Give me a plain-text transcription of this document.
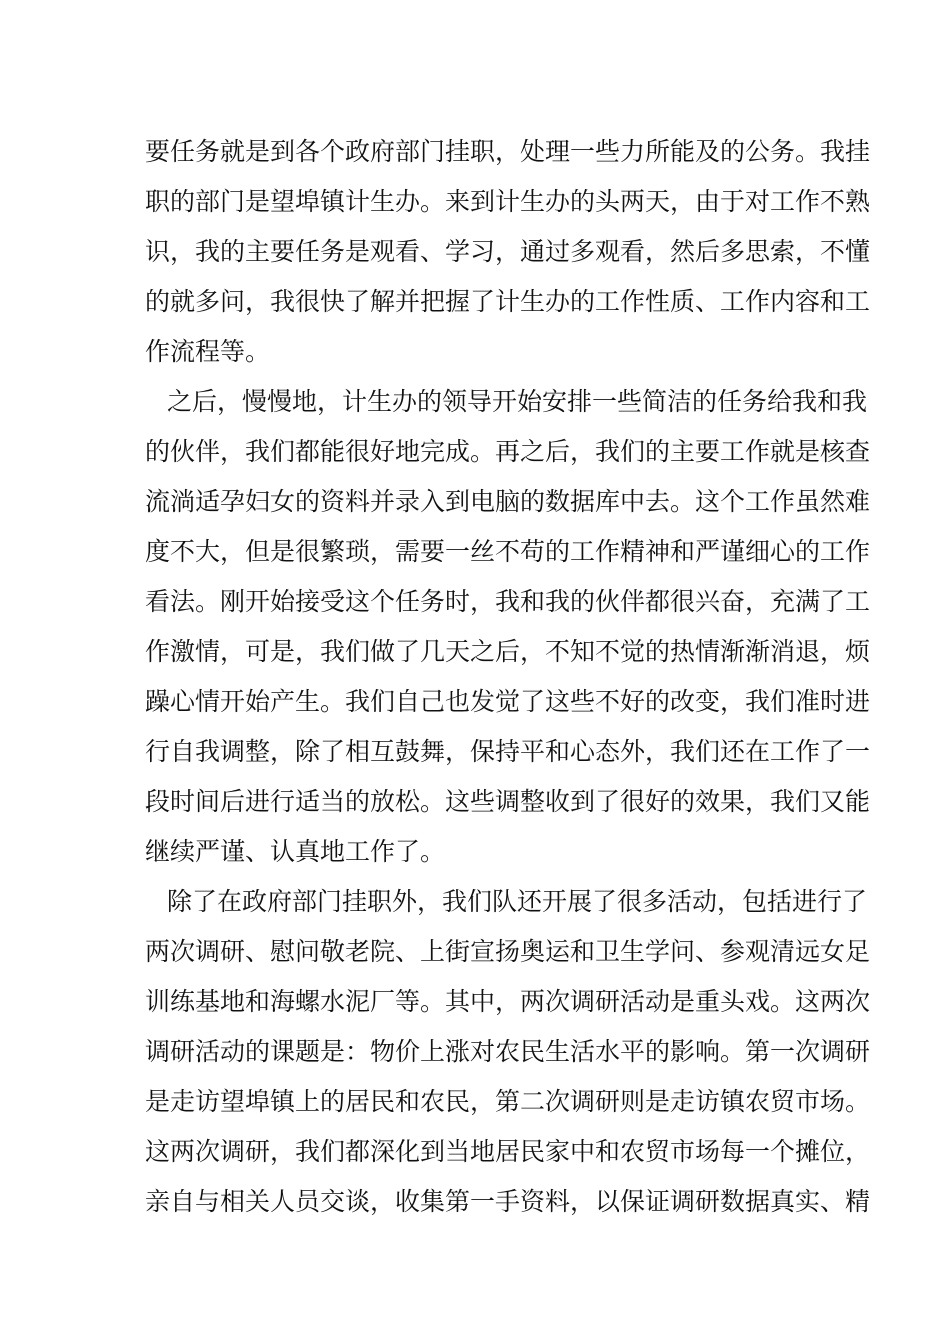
要任务就是到各个政府部门挂职，处理一些力所能及的公务。我挂
职的部门是望埠镇计生办。来到计生办的头两天，由于对工作不熟
识，我的主要任务是观看、学习，通过多观看，然后多思索，不懂
的就多问，我很快了解并把握了计生办的工作性质、工作内容和工
作流程等。
之后，慢慢地，计生办的领导开始安排一些简洁的任务给我和我
的伙伴，我们都能很好地完成。再之后，我们的主要工作就是核查
流淌适孕妇女的资料并录入到电脑的数据库中去。这个工作虽然难
度不大，但是很繁琐，需要一丝不苟的工作精神和严谨细心的工作
看法。刚开始接受这个任务时，我和我的伙伴都很兴奋，充满了工
作激情，可是，我们做了几天之后，不知不觉的热情渐渐消退，烦
躁心情开始产生。我们自己也发觉了这些不好的改变，我们准时进
行自我调整，除了相互鼓舞，保持平和心态外，我们还在工作了一
段时间后进行适当的放松。这些调整收到了很好的效果，我们又能
继续严谨、认真地工作了。
除了在政府部门挂职外，我们队还开展了很多活动，包括进行了
两次调研、慰问敬老院、上街宣扬奥运和卫生学问、参观清远女足
训练基地和海螺水泥厂等。其中，两次调研活动是重头戏。这两次
调研活动的课题是：物价上涨对农民生活水平的影响。第一次调研
是走访望埠镇上的居民和农民，第二次调研则是走访镇农贸市场。
这两次调研，我们都深化到当地居民家中和农贸市场每一个摊位，
亲自与相关人员交谈，收集第一手资料，以保证调研数据真实、精
